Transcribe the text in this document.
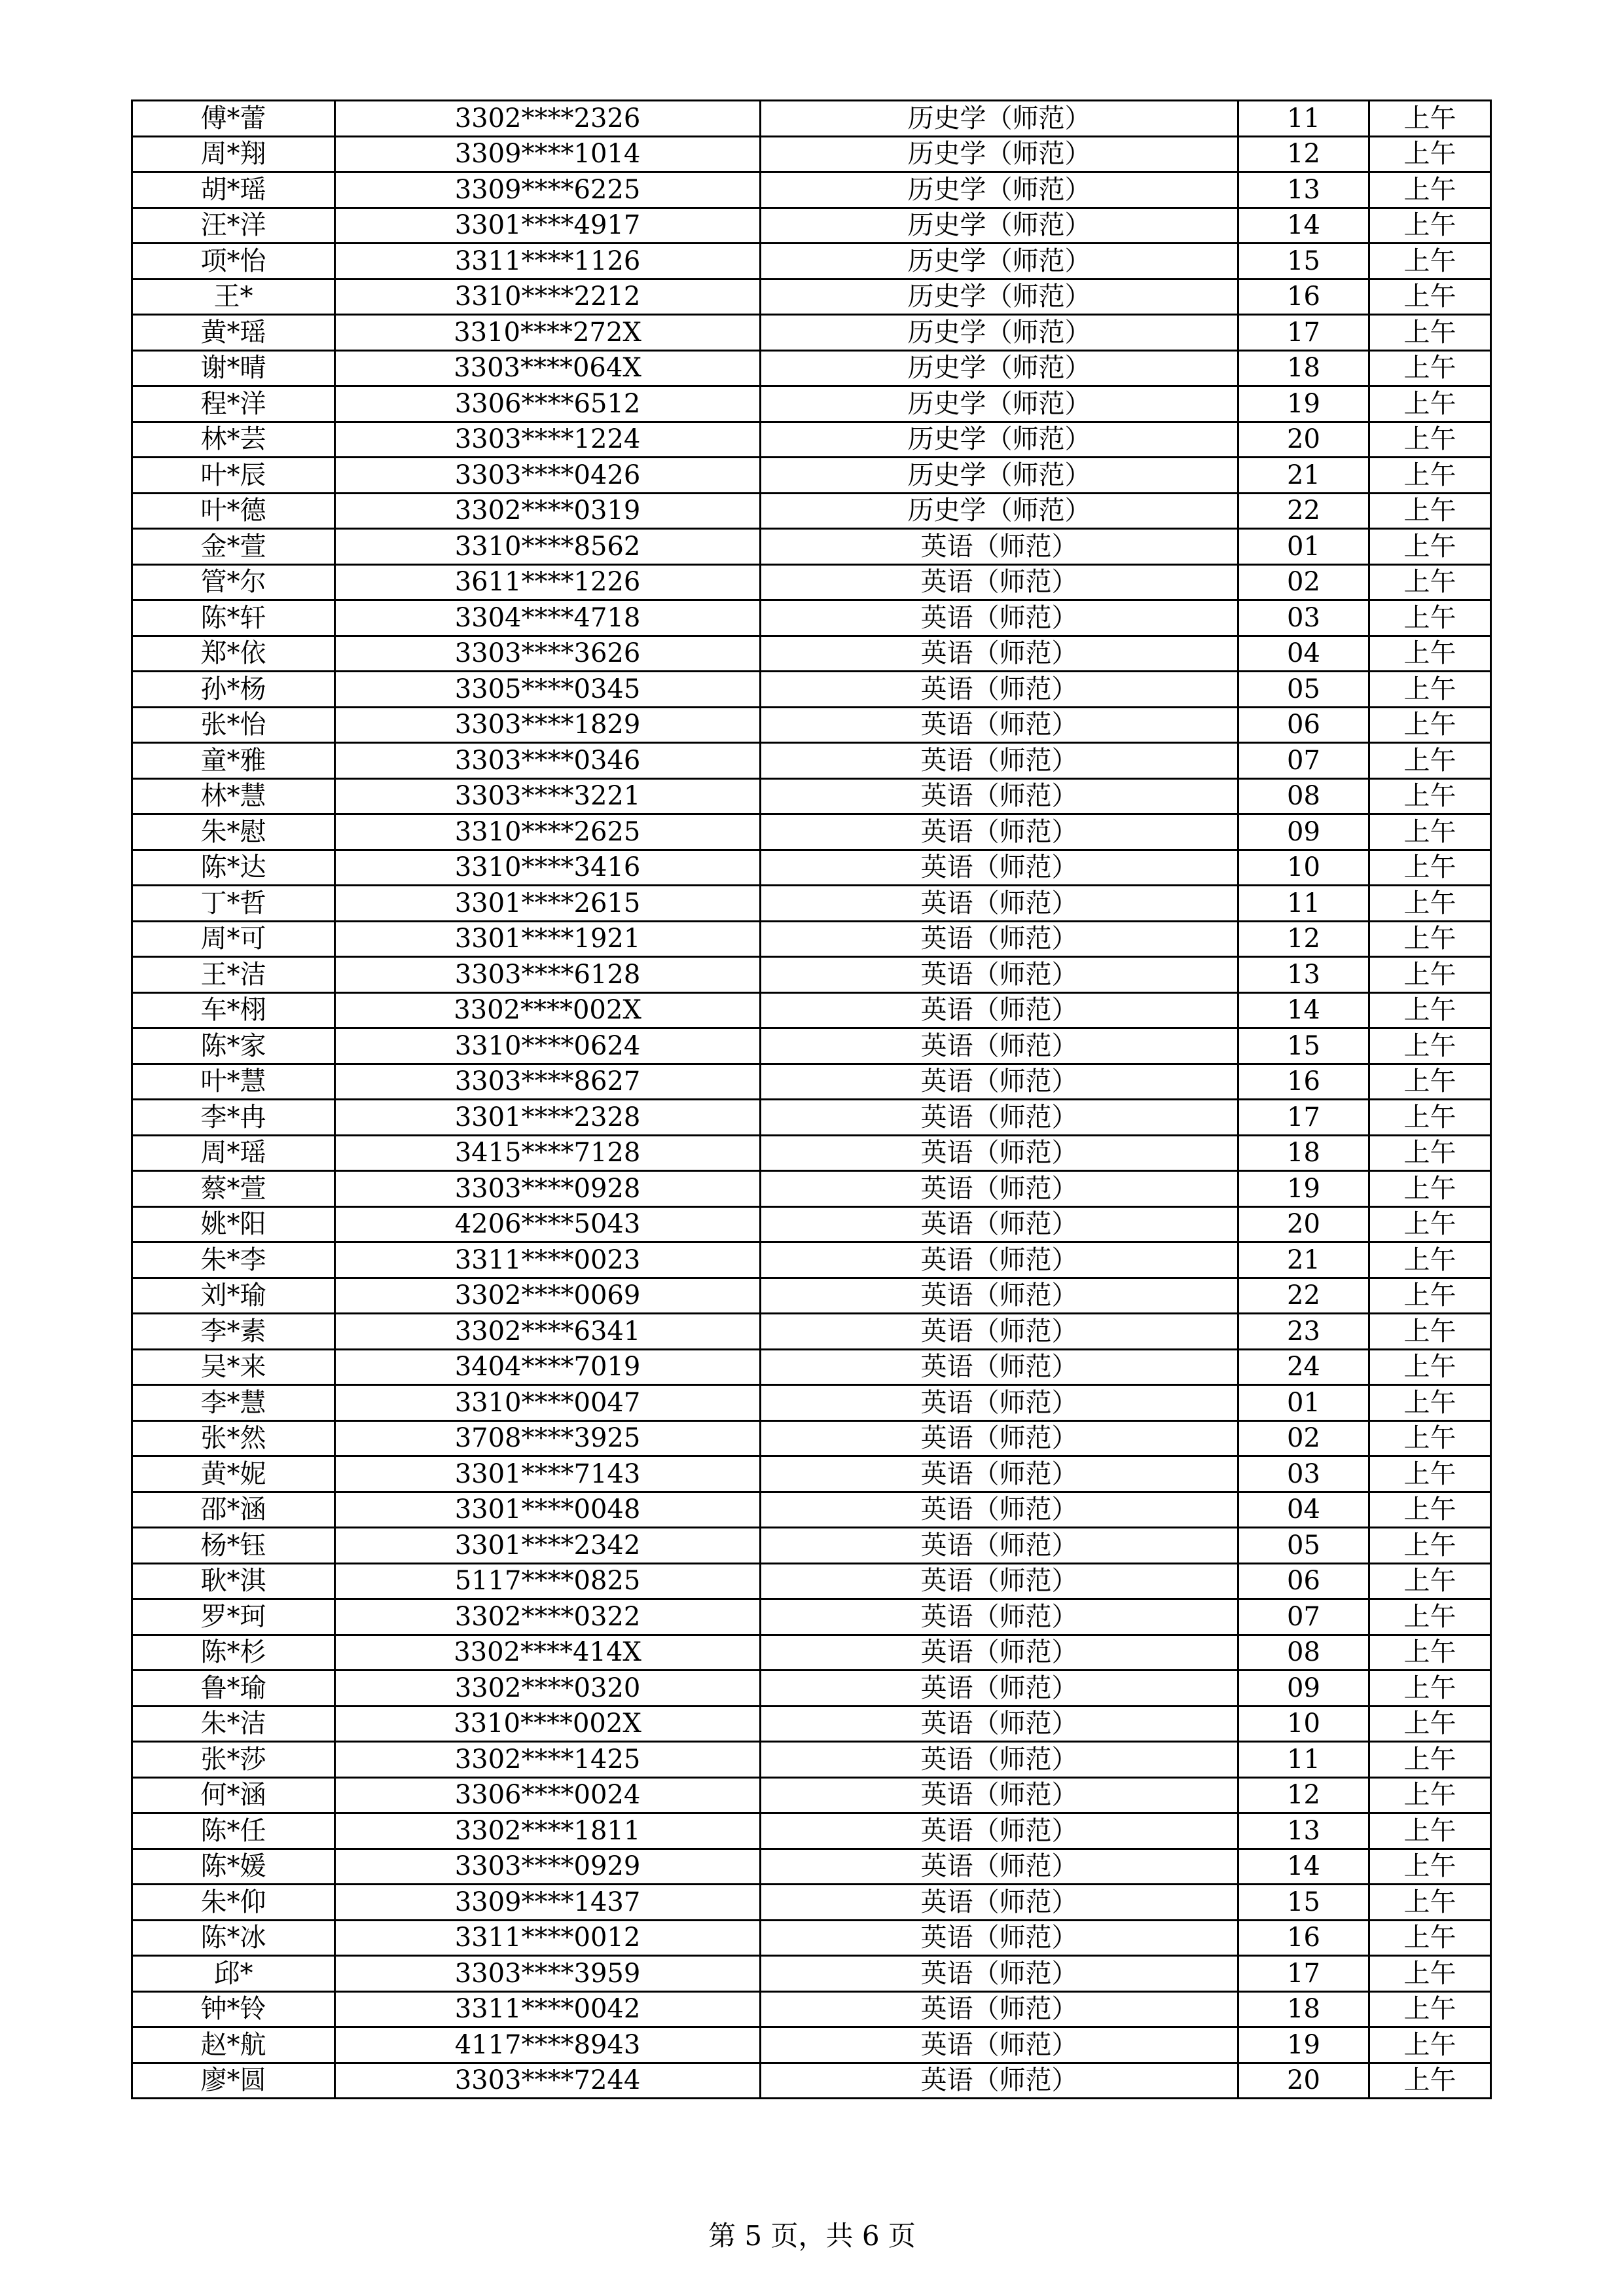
傅*蕾	3302****2326	历史学（师范）	11	上午
周*翔	3309****1014	历史学（师范）	12	上午
胡*瑶	3309****6225	历史学（师范）	13	上午
汪*洋	3301****4917	历史学（师范）	14	上午
项*怡	3311****1126	历史学（师范）	15	上午
王*	3310****2212	历史学（师范）	16	上午
黄*瑶	3310****272X	历史学（师范）	17	上午
谢*晴	3303****064X	历史学（师范）	18	上午
程*洋	3306****6512	历史学（师范）	19	上午
林*芸	3303****1224	历史学（师范）	20	上午
叶*辰	3303****0426	历史学（师范）	21	上午
叶*德	3302****0319	历史学（师范）	22	上午
金*萱	3310****8562	英语（师范）	01	上午
管*尔	3611****1226	英语（师范）	02	上午
陈*轩	3304****4718	英语（师范）	03	上午
郑*依	3303****3626	英语（师范）	04	上午
孙*杨	3305****0345	英语（师范）	05	上午
张*怡	3303****1829	英语（师范）	06	上午
童*雅	3303****0346	英语（师范）	07	上午
林*慧	3303****3221	英语（师范）	08	上午
朱*慰	3310****2625	英语（师范）	09	上午
陈*达	3310****3416	英语（师范）	10	上午
丁*哲	3301****2615	英语（师范）	11	上午
周*可	3301****1921	英语（师范）	12	上午
王*洁	3303****6128	英语（师范）	13	上午
车*栩	3302****002X	英语（师范）	14	上午
陈*家	3310****0624	英语（师范）	15	上午
叶*慧	3303****8627	英语（师范）	16	上午
李*冉	3301****2328	英语（师范）	17	上午
周*瑶	3415****7128	英语（师范）	18	上午
蔡*萱	3303****0928	英语（师范）	19	上午
姚*阳	4206****5043	英语（师范）	20	上午
朱*李	3311****0023	英语（师范）	21	上午
刘*瑜	3302****0069	英语（师范）	22	上午
李*素	3302****6341	英语（师范）	23	上午
吴*来	3404****7019	英语（师范）	24	上午
李*慧	3310****0047	英语（师范）	01	上午
张*然	3708****3925	英语（师范）	02	上午
黄*妮	3301****7143	英语（师范）	03	上午
邵*涵	3301****0048	英语（师范）	04	上午
杨*钰	3301****2342	英语（师范）	05	上午
耿*淇	5117****0825	英语（师范）	06	上午
罗*珂	3302****0322	英语（师范）	07	上午
陈*杉	3302****414X	英语（师范）	08	上午
鲁*瑜	3302****0320	英语（师范）	09	上午
朱*洁	3310****002X	英语（师范）	10	上午
张*莎	3302****1425	英语（师范）	11	上午
何*涵	3306****0024	英语（师范）	12	上午
陈*任	3302****1811	英语（师范）	13	上午
陈*媛	3303****0929	英语（师范）	14	上午
朱*仰	3309****1437	英语（师范）	15	上午
陈*冰	3311****0012	英语（师范）	16	上午
邱*	3303****3959	英语（师范）	17	上午
钟*铃	3311****0042	英语（师范）	18	上午
赵*航	4117****8943	英语（师范）	19	上午
廖*圆	3303****7244	英语（师范）	20	上午
第 5 页，共 6 页
